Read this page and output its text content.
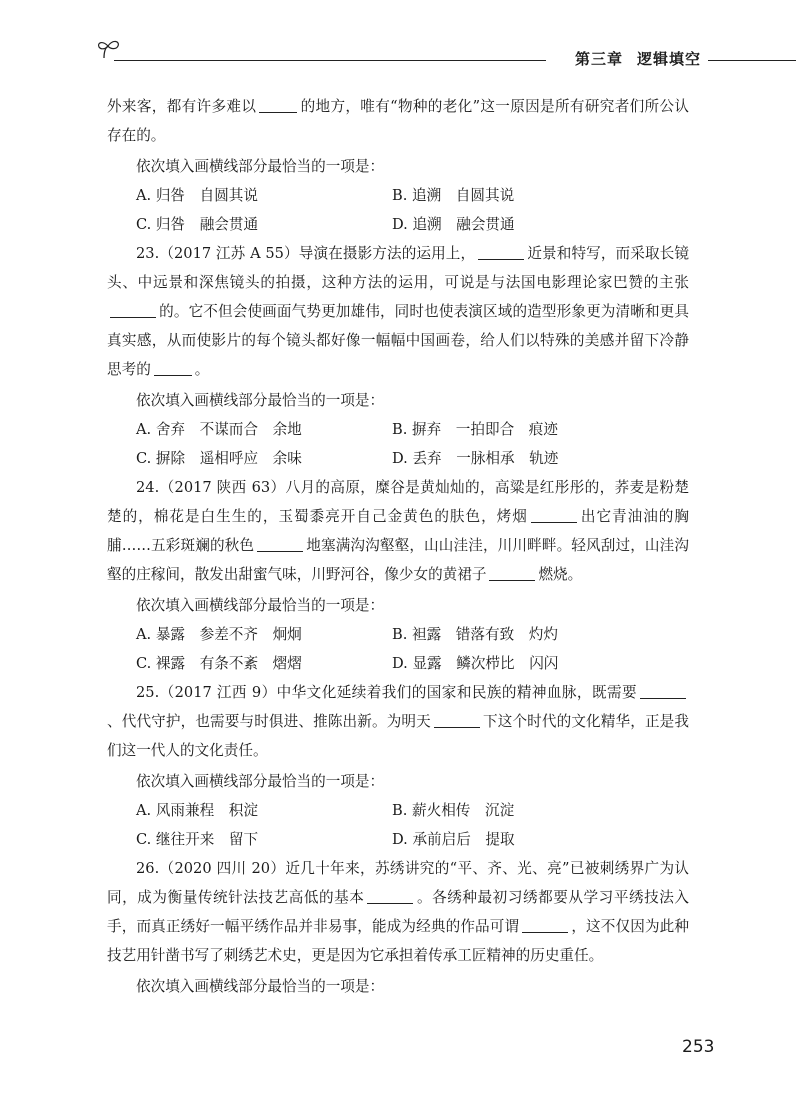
第三章 逻辑填空

外来客，都有许多难以	的地方，唯有“物种的老化”这一原因是所有研究者们所公认存在的。

依次填入画横线部分最恰当的一项是：

A. 归咎　自圆其说	B. 追溯　自圆其说
C. 归咎　融会贯通	D. 追溯　融会贯通

23.（2017 江苏 A 55）导演在摄影方法的运用上，	近景和特写，而采取长镜头、中远景和深焦镜头的拍摄，这种方法的运用，可说是与法国电影理论家巴赞的主张的。它不但会使画面气势更加雄伟，同时也使表演区域的造型形象更为清晰和更具真实感，从而使影片的每个镜头都好像一幅幅中国画卷，给人们以特殊的美感并留下冷静思考的	。

依次填入画横线部分最恰当的一项是：

A. 舍弃　不谋而合　余地	B. 摒弃　一拍即合　痕迹
C. 摒除　遥相呼应　余味	D. 丢弃　一脉相承　轨迹

24.（2017 陕西 63）八月的高原，糜谷是黄灿灿的，高粱是红彤彤的，荞麦是粉楚楚的，棉花是白生生的，玉蜀黍亮开自己金黄色的肤色，烤烟	出它青油油的胸脯……五彩斑斓的秋色	地塞满沟沟壑壑，山山洼洼，川川畔畔。轻风刮过，山洼沟壑的庄稼间，散发出甜蜜气味，川野河谷，像少女的黄裙子	燃烧。

依次填入画横线部分最恰当的一项是：

A. 暴露　参差不齐　炯炯	B. 袒露　错落有致　灼灼
C. 裸露　有条不紊　熠熠	D. 显露　鳞次栉比　闪闪

25.（2017 江西 9）中华文化延续着我们的国家和民族的精神血脉，既需要、代代守护，也需要与时俱进、推陈出新。为明天	下这个时代的文化精华，正是我们这一代人的文化责任。

依次填入画横线部分最恰当的一项是：

A. 风雨兼程　积淀	B. 薪火相传　沉淀
C. 继往开来　留下	D. 承前启后　提取

26.（2020 四川 20）近几十年来，苏绣讲究的“平、齐、光、亮”已被刺绣界广为认同，成为衡量传统针法技艺高低的基本	。各绣种最初习绣都要从学习平绣技法入手，而真正绣好一幅平绣作品并非易事，能成为经典的作品可谓	，这不仅因为此种技艺用针凿书写了刺绣艺术史，更是因为它承担着传承工匠精神的历史重任。

依次填入画横线部分最恰当的一项是：

253
